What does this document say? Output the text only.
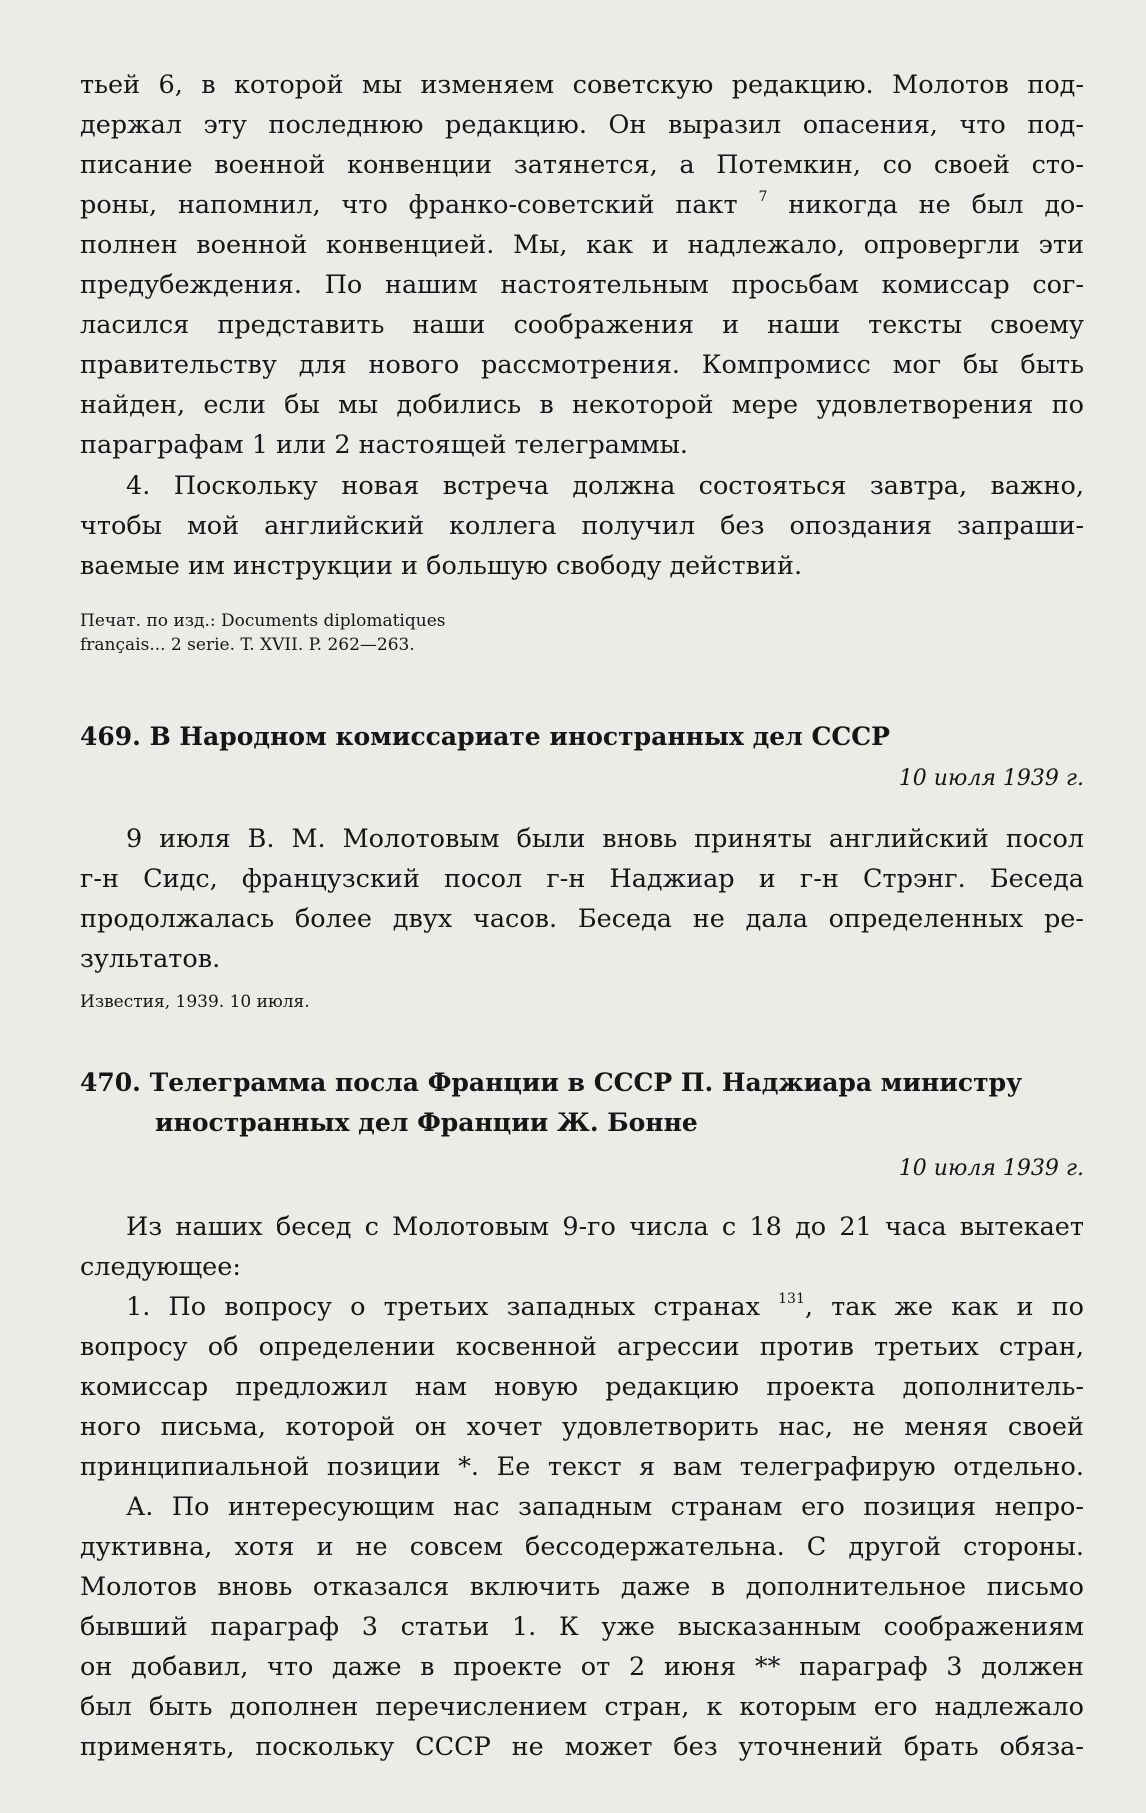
тьей 6, в которой мы изменяем советскую редакцию. Молотов под-
держал эту последнюю редакцию. Он выразил опасения, что под-
писание военной конвенции затянется, а Потемкин, со своей сто-
роны, напомнил, что франко-советский пакт $^7$ никогда не был до-
полнен военной конвенцией. Мы, как и надлежало, опровергли эти
предубеждения. По нашим настоятельным просьбам комиссар сог-
ласился представить наши соображения и наши тексты своему
правительству для нового рассмотрения. Компромисс мог бы быть
найден, если бы мы добились в некоторой мере удовлетворения по
параграфам 1 или 2 настоящей телеграммы.
4. Поскольку новая встреча должна состояться завтра, важно,
чтобы мой английский коллега получил без опоздания запраши-
ваемые им инструкции и большую свободу действий.
Печат. по изд.: Documents diplomatiques
français... 2 serie. T. XVII. P. 262—263.
469. В Народном комиссариате иностранных дел СССР
10 июля 1939 г.
9 июля В. М. Молотовым были вновь приняты английский посол
г-н Сидс, французский посол г-н Наджиар и г-н Стрэнг. Беседа
продолжалась более двух часов. Беседа не дала определенных ре-
зультатов.
Известия, 1939. 10 июля.
470. Телеграмма посла Франции в СССР П. Наджиара министру
иностранных дел Франции Ж. Бонне
10 июля 1939 г.
Из наших бесед с Молотовым 9-го числа с 18 до 21 часа вытекает
следующее:
1. По вопросу о третьих западных странах $^{131}$, так же как и по
вопросу об определении косвенной агрессии против третьих стран,
комиссар предложил нам новую редакцию проекта дополнитель-
ного письма, которой он хочет удовлетворить нас, не меняя своей
принципиальной позиции *. Ее текст я вам телеграфирую отдельно.
А. По интересующим нас западным странам его позиция непро-
дуктивна, хотя и не совсем бессодержательна. С другой стороны.
Молотов вновь отказался включить даже в дополнительное письмо
бывший параграф 3 статьи 1. К уже высказанным соображениям
он добавил, что даже в проекте от 2 июня ** параграф 3 должен
был быть дополнен перечислением стран, к которым его надлежало
применять, поскольку СССР не может без уточнений брать обяза-
